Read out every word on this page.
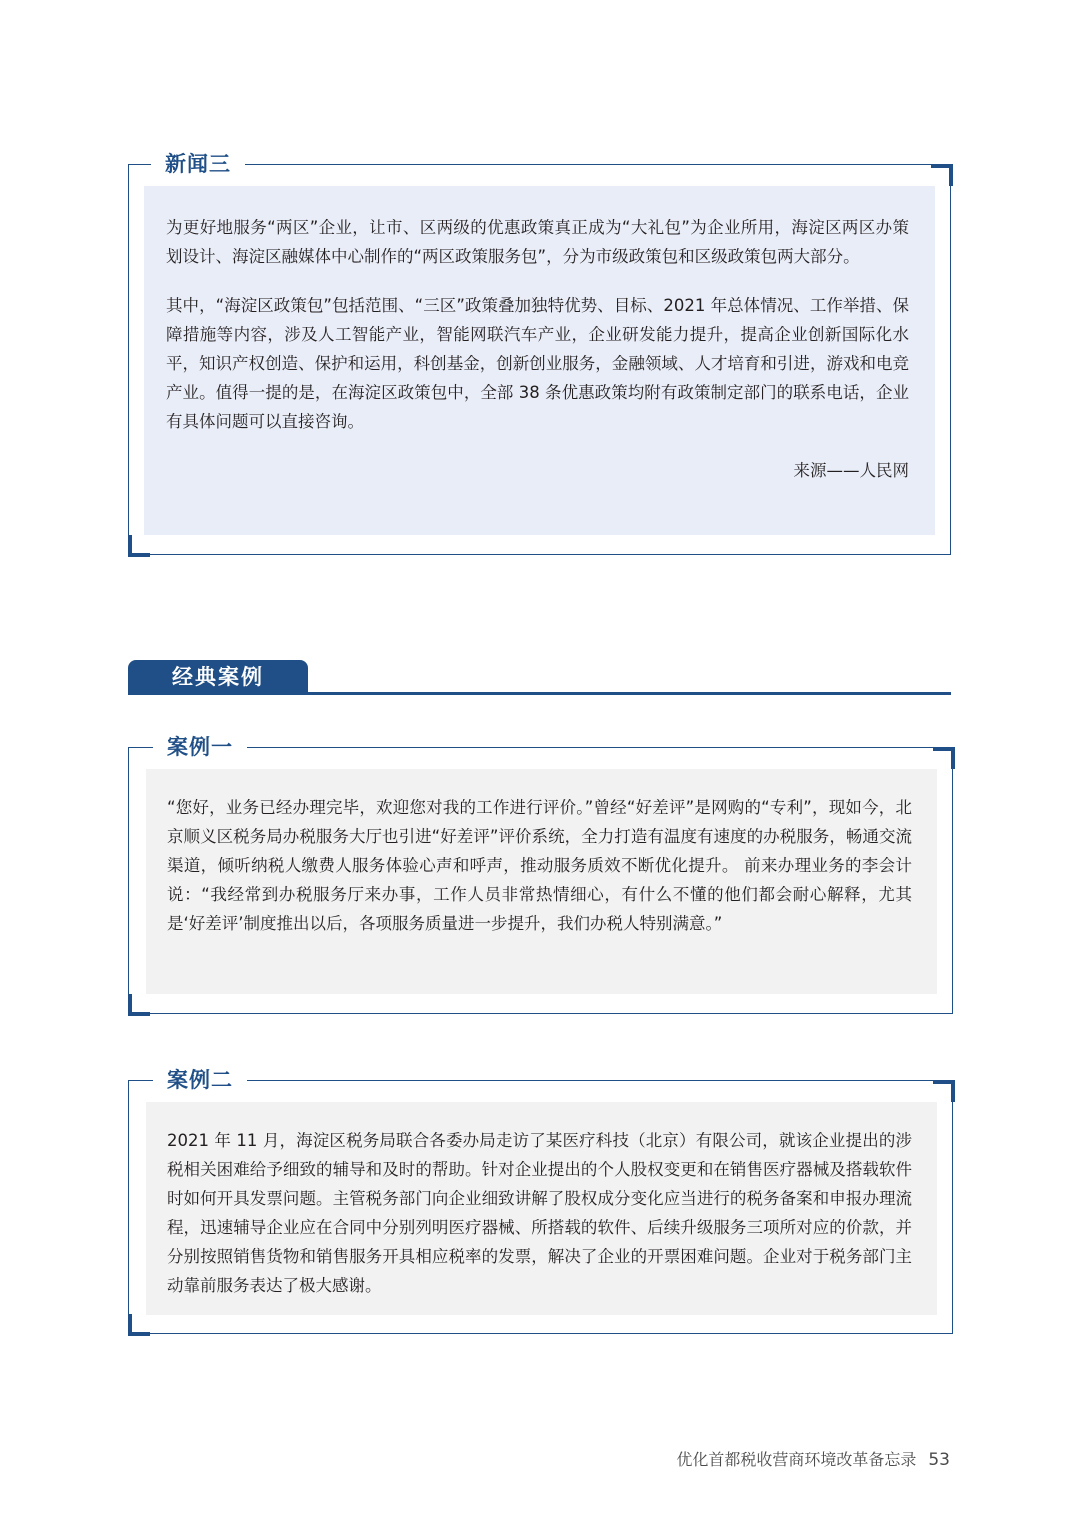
新闻三

为更好地服务“两区”企业，让市、区两级的优惠政策真正成为“大礼包”为企业所用，海淀区两区办策划设计、海淀区融媒体中心制作的“两区政策服务包”，分为市级政策包和区级政策包两大部分。

其中，“海淀区政策包”包括范围、“三区”政策叠加独特优势、目标、2021 年总体情况、工作举措、保障措施等内容，涉及人工智能产业，智能网联汽车产业，企业研发能力提升，提高企业创新国际化水平，知识产权创造、保护和运用，科创基金，创新创业服务，金融领域、人才培育和引进，游戏和电竞产业。值得一提的是，在海淀区政策包中，全部 38 条优惠政策均附有政策制定部门的联系电话，企业有具体问题可以直接咨询。

来源——人民网
经典案例
案例一

“您好，业务已经办理完毕，欢迎您对我的工作进行评价。”曾经“好差评”是网购的“专利”，现如今，北京顺义区税务局办税服务大厅也引进“好差评”评价系统，全力打造有温度有速度的办税服务，畅通交流渠道，倾听纳税人缴费人服务体验心声和呼声，推动服务质效不断优化提升。 前来办理业务的李会计说：“我经常到办税服务厅来办事，工作人员非常热情细心，有什么不懂的他们都会耐心解释，尤其是‘好差评’制度推出以后，各项服务质量进一步提升，我们办税人特别满意。”

案例二

2021 年 11 月，海淀区税务局联合各委办局走访了某医疗科技（北京）有限公司，就该企业提出的涉税相关困难给予细致的辅导和及时的帮助。针对企业提出的个人股权变更和在销售医疗器械及搭载软件时如何开具发票问题。主管税务部门向企业细致讲解了股权成分变化应当进行的税务备案和申报办理流程，迅速辅导企业应在合同中分别列明医疗器械、所搭载的软件、后续升级服务三项所对应的价款，并分别按照销售货物和销售服务开具相应税率的发票，解决了企业的开票困难问题。企业对于税务部门主动靠前服务表达了极大感谢。

优化首都税收营商环境改革备忘录 53
